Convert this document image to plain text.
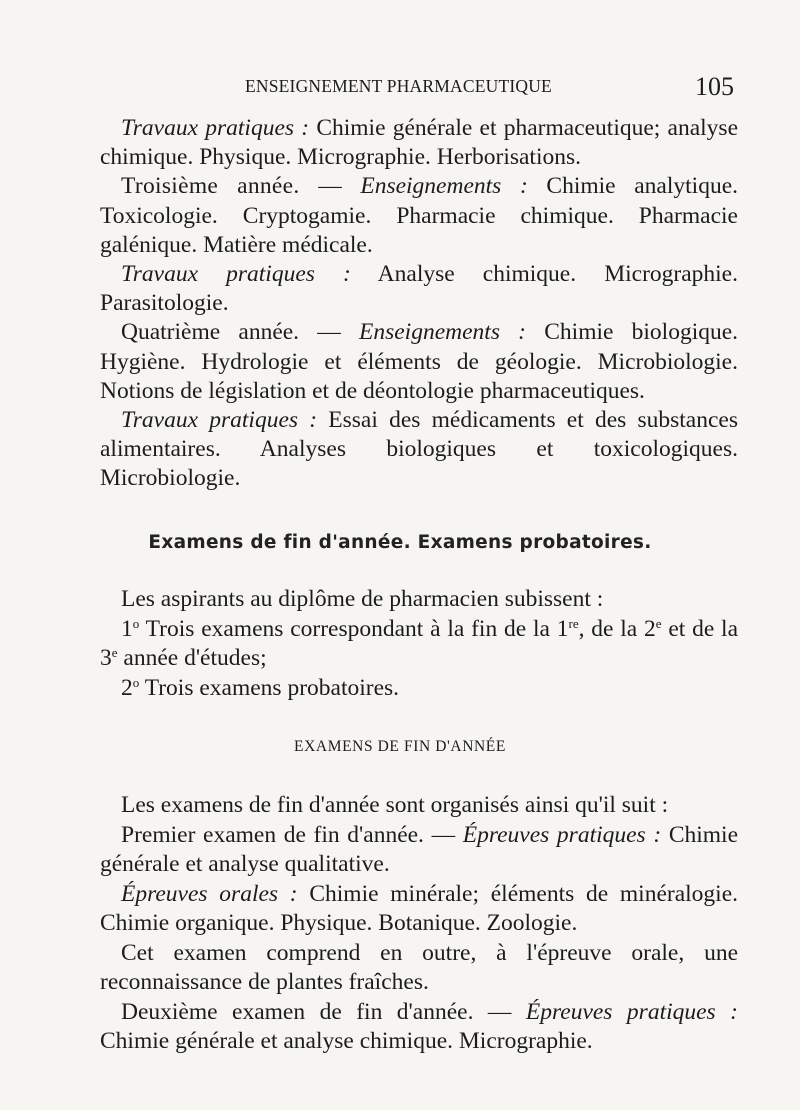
ENSEIGNEMENT PHARMACEUTIQUE	105

Travaux pratiques : Chimie générale et pharmaceutique; analyse chimique. Physique. Micrographie. Herborisations.

Troisième année. — Enseignements : Chimie analytique. Toxicologie. Cryptogamie. Pharmacie chimique. Pharmacie galénique. Matière médicale.

Travaux pratiques : Analyse chimique. Micrographie. Parasitologie.

Quatrième année. — Enseignements : Chimie biologique. Hygiène. Hydrologie et éléments de géologie. Microbiologie. Notions de législation et de déontologie pharmaceutiques.

Travaux pratiques : Essai des médicaments et des substances alimentaires. Analyses biologiques et toxicologiques. Microbiologie.

Examens de fin d'année. Examens probatoires.

Les aspirants au diplôme de pharmacien subissent :

1$^o$ Trois examens correspondant à la fin de la 1re, de la 2e et de la 3e année d'études;

2$^o$ Trois examens probatoires.

EXAMENS DE FIN D'ANNÉE

Les examens de fin d'année sont organisés ainsi qu'il suit :

Premier examen de fin d'année. — Épreuves pratiques : Chimie générale et analyse qualitative.

Épreuves orales : Chimie minérale; éléments de minéralogie. Chimie organique. Physique. Botanique. Zoologie.

Cet examen comprend en outre, à l'épreuve orale, une reconnaissance de plantes fraîches.

Deuxième examen de fin d'année. — Épreuves pratiques : Chimie générale et analyse chimique. Micrographie.
